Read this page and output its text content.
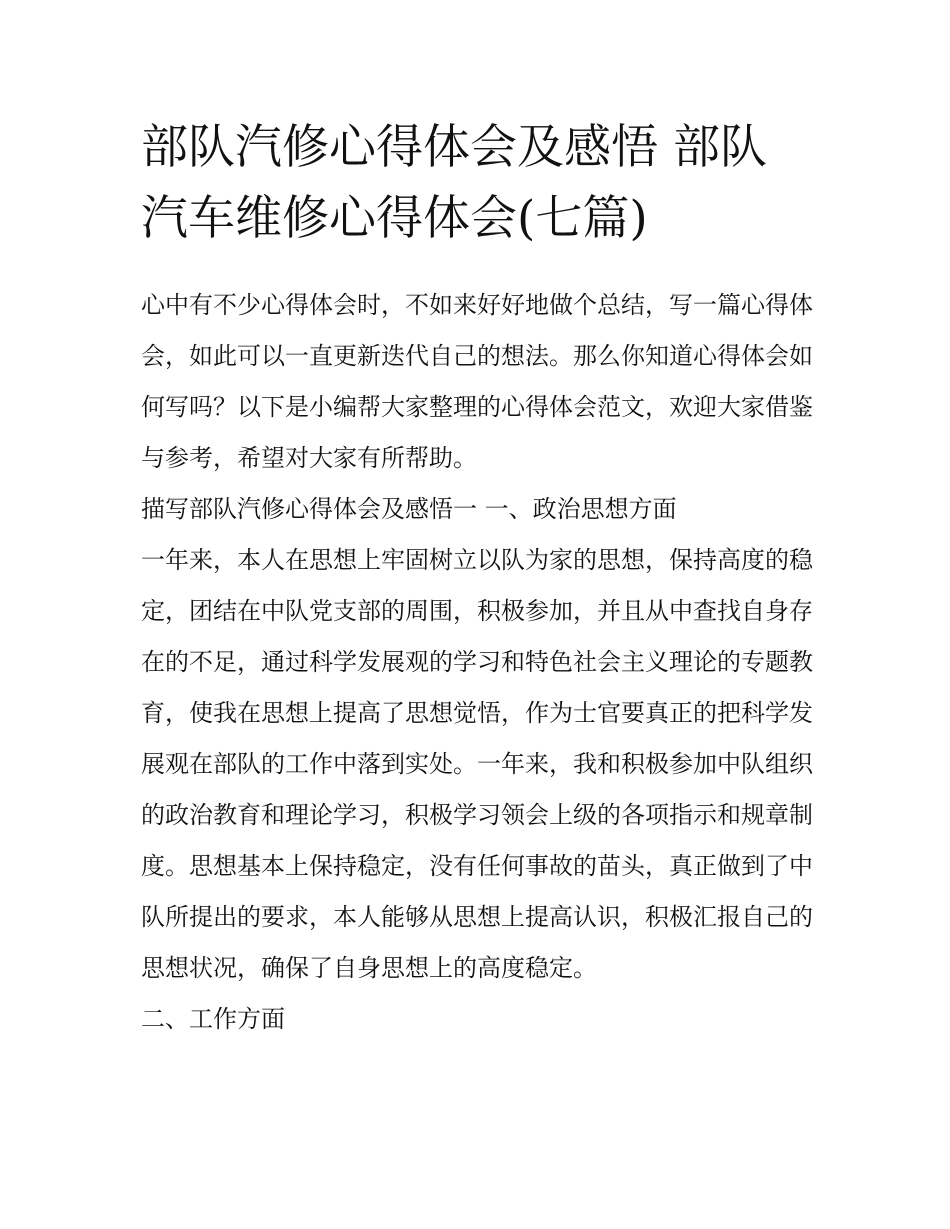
部队汽修心得体会及感悟 部队汽车维修心得体会(七篇)

心中有不少心得体会时，不如来好好地做个总结，写一篇心得体会，如此可以一直更新迭代自己的想法。那么你知道心得体会如何写吗？以下是小编帮大家整理的心得体会范文，欢迎大家借鉴与参考，希望对大家有所帮助。

描写部队汽修心得体会及感悟一 一、政治思想方面

一年来，本人在思想上牢固树立以队为家的思想，保持高度的稳定，团结在中队党支部的周围，积极参加，并且从中查找自身存在的不足，通过科学发展观的学习和特色社会主义理论的专题教育，使我在思想上提高了思想觉悟，作为士官要真正的把科学发展观在部队的工作中落到实处。一年来，我和积极参加中队组织的政治教育和理论学习，积极学习领会上级的各项指示和规章制度。思想基本上保持稳定，没有任何事故的苗头，真正做到了中队所提出的要求，本人能够从思想上提高认识，积极汇报自己的思想状况，确保了自身思想上的高度稳定。

二、工作方面
